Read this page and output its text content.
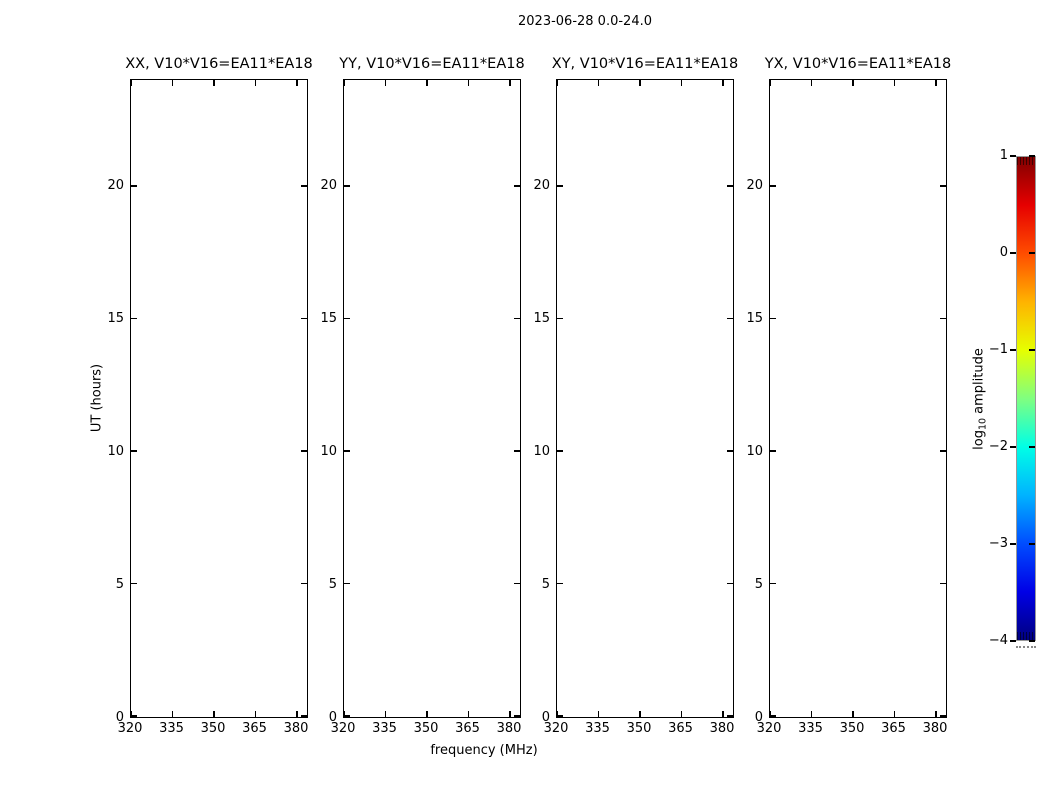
2023-06-28 0.0-24.0
UT (hours)
frequency (MHz)
$\log_{10}$ amplitude
XX, V10*V16=EA11*EA18
320 335 350 365 380
0
5
10
15
20
YY, V10*V16=EA11*EA18
320 335 350 365 380
0
5
10
15
20
XY, V10*V16=EA11*EA18
320 335 350 365 380
0
5
10
15
20
YX, V10*V16=EA11*EA18
320 335 350 365 380
0
5
10
15
20
1
0
−1
−2
−3
−4
